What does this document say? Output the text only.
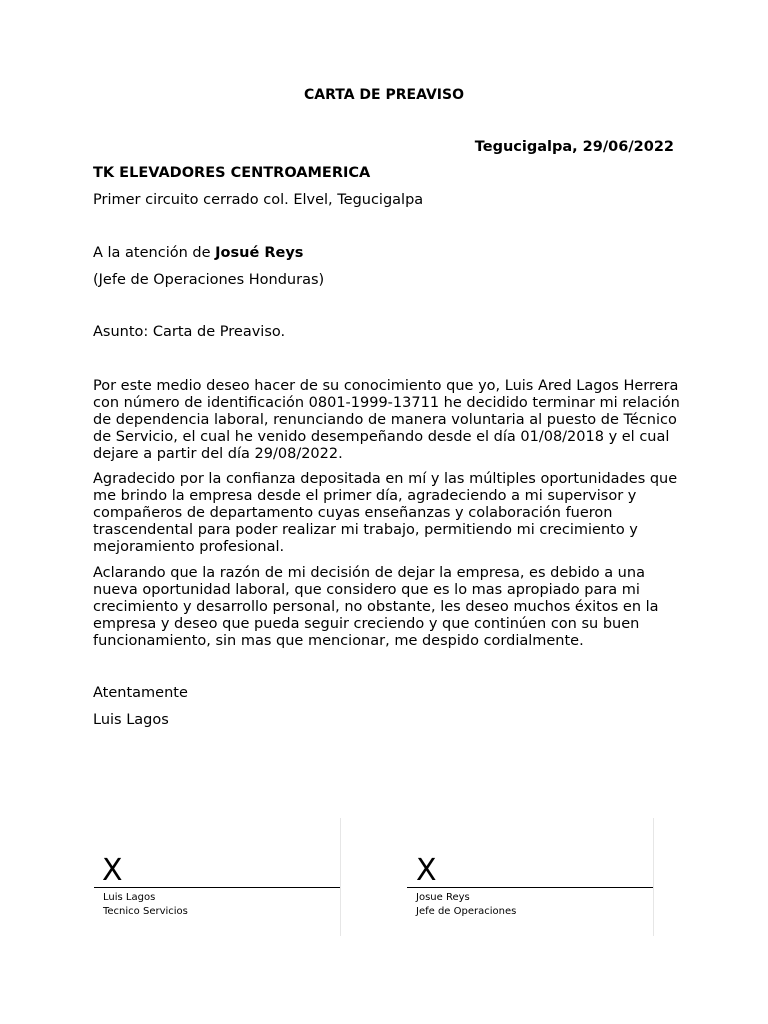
CARTA DE PREAVISO
Tegucigalpa, 29/06/2022
TK ELEVADORES CENTROAMERICA
Primer circuito cerrado col. Elvel, Tegucigalpa
A la atención de Josué Reys
(Jefe de Operaciones Honduras)
Asunto: Carta de Preaviso.
Por este medio deseo hacer de su conocimiento que yo, Luis Ared Lagos Herrera
con número de identificación 0801-1999-13711 he decidido terminar mi relación
de dependencia laboral, renunciando de manera voluntaria al puesto de Técnico
de Servicio, el cual he venido desempeñando desde el día 01/08/2018 y el cual
dejare a partir del día 29/08/2022.
Agradecido por la confianza depositada en mí y las múltiples oportunidades que
me brindo la empresa desde el primer día, agradeciendo a mi supervisor y
compañeros de departamento cuyas enseñanzas y colaboración fueron
trascendental para poder realizar mi trabajo, permitiendo mi crecimiento y
mejoramiento profesional.
Aclarando que la razón de mi decisión de dejar la empresa, es debido a una
nueva oportunidad laboral, que considero que es lo mas apropiado para mi
crecimiento y desarrollo personal, no obstante, les deseo muchos éxitos en la
empresa y deseo que pueda seguir creciendo y que continúen con su buen
funcionamiento, sin mas que mencionar, me despido cordialmente.
Atentamente
Luis Lagos
X
Luis Lagos
Tecnico Servicios
X
Josue Reys
Jefe de Operaciones
